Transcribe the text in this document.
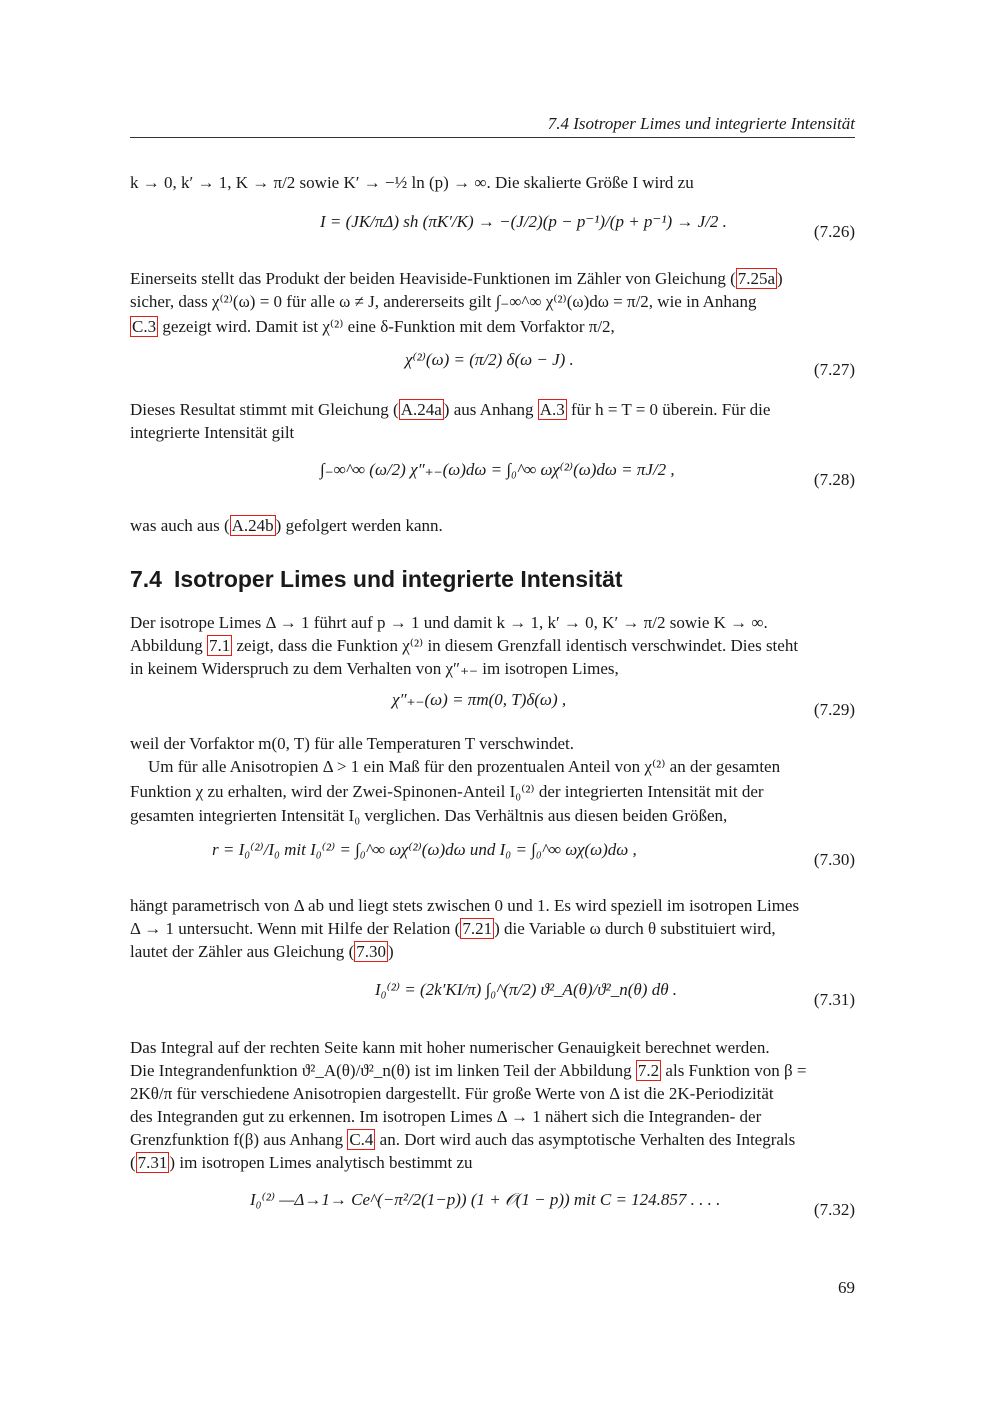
7.4 Isotroper Limes und integrierte Intensität
k → 0, k′ → 1, K → π/2 sowie K′ → −½ ln (p) → ∞. Die skalierte Größe I wird zu
I = (JK/πΔ) sh (πK′/K) → −(J/2)(p − p⁻¹)/(p + p⁻¹) → J/2 .
(7.26)
Einerseits stellt das Produkt der beiden Heaviside-Funktionen im Zähler von Gleichung ( 7.25a )
sicher, dass χ⁽²⁾(ω) = 0 für alle ω ≠ J, andererseits gilt ∫₋∞^∞ χ⁽²⁾(ω)dω = π/2, wie in Anhang
C.3 gezeigt wird. Damit ist χ⁽²⁾ eine δ-Funktion mit dem Vorfaktor π/2,
χ⁽²⁾(ω) = (π/2) δ(ω − J) .
(7.27)
Dieses Resultat stimmt mit Gleichung ( A.24a ) aus Anhang A.3 für h = T = 0 überein. Für die
integrierte Intensität gilt
∫₋∞^∞ (ω/2) χ″₊₋(ω)dω = ∫₀^∞ ωχ⁽²⁾(ω)dω = πJ/2 ,
(7.28)
was auch aus ( A.24b ) gefolgert werden kann.
7.4 Isotroper Limes und integrierte Intensität
Der isotrope Limes Δ → 1 führt auf p → 1 und damit k → 1, k′ → 0, K′ → π/2 sowie K → ∞.
Abbildung 7.1 zeigt, dass die Funktion χ⁽²⁾ in diesem Grenzfall identisch verschwindet. Dies steht
in keinem Widerspruch zu dem Verhalten von χ″₊₋ im isotropen Limes,
χ″₊₋(ω) = πm(0, T)δ(ω) ,
(7.29)
weil der Vorfaktor m(0, T) für alle Temperaturen T verschwindet.
Um für alle Anisotropien Δ > 1 ein Maß für den prozentualen Anteil von χ⁽²⁾ an der gesamten
Funktion χ zu erhalten, wird der Zwei-Spinonen-Anteil I₀⁽²⁾ der integrierten Intensität mit der
gesamten integrierten Intensität I₀ verglichen. Das Verhältnis aus diesen beiden Größen,
r = I₀⁽²⁾/I₀ mit I₀⁽²⁾ = ∫₀^∞ ωχ⁽²⁾(ω)dω und I₀ = ∫₀^∞ ωχ(ω)dω ,
(7.30)
hängt parametrisch von Δ ab und liegt stets zwischen 0 und 1. Es wird speziell im isotropen Limes
Δ → 1 untersucht. Wenn mit Hilfe der Relation ( 7.21 ) die Variable ω durch θ substituiert wird,
lautet der Zähler aus Gleichung ( 7.30 )
I₀⁽²⁾ = (2k′KI/π) ∫₀^(π/2) ϑ²_A(θ)/ϑ²_n(θ) dθ .
(7.31)
Das Integral auf der rechten Seite kann mit hoher numerischer Genauigkeit berechnet werden.
Die Integrandenfunktion ϑ²_A(θ)/ϑ²_n(θ) ist im linken Teil der Abbildung 7.2 als Funktion von β =
2Kθ/π für verschiedene Anisotropien dargestellt. Für große Werte von Δ ist die 2K-Periodizität
des Integranden gut zu erkennen. Im isotropen Limes Δ → 1 nähert sich die Integranden- der
Grenzfunktion f(β) aus Anhang C.4 an. Dort wird auch das asymptotische Verhalten des Integrals
( 7.31 ) im isotropen Limes analytisch bestimmt zu
I₀⁽²⁾ —Δ→1→ Ce^(−π²/2(1−p)) (1 + 𝒪(1 − p)) mit C = 124.857 . . . .
(7.32)
69
